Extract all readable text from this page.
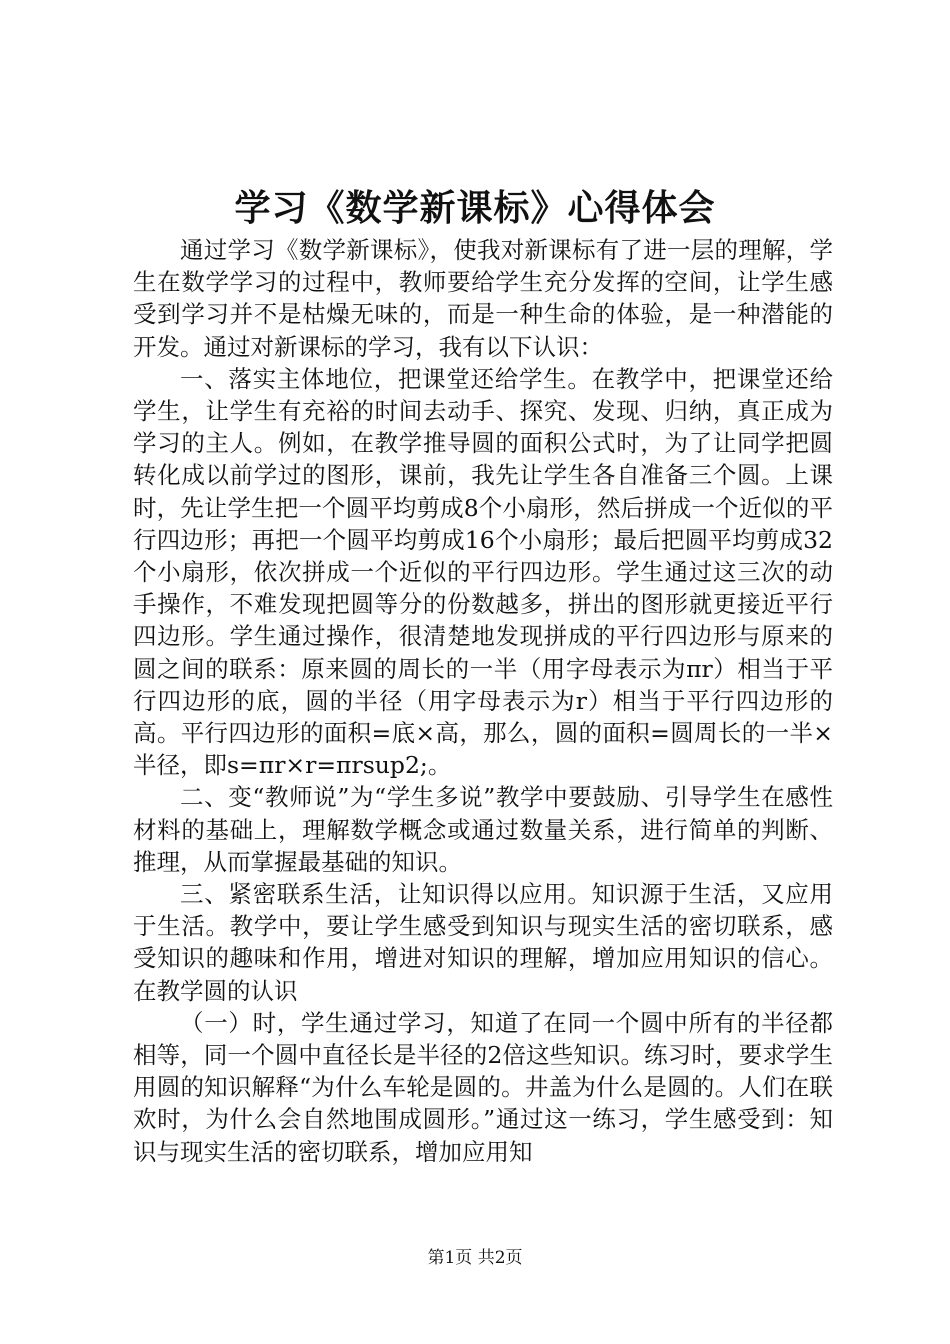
学习《数学新课标》心得体会

通过学习《数学新课标》，使我对新课标有了进一层的理解，学生在数学学习的过程中，教师要给学生充分发挥的空间，让学生感受到学习并不是枯燥无味的，而是一种生命的体验，是一种潜能的开发。通过对新课标的学习，我有以下认识：

一、落实主体地位，把课堂还给学生。在教学中，把课堂还给学生，让学生有充裕的时间去动手、探究、发现、归纳，真正成为学习的主人。例如，在教学推导圆的面积公式时，为了让同学把圆转化成以前学过的图形，课前，我先让学生各自准备三个圆。上课时，先让学生把一个圆平均剪成8个小扇形，然后拼成一个近似的平行四边形；再把一个圆平均剪成16个小扇形；最后把圆平均剪成32个小扇形，依次拼成一个近似的平行四边形。学生通过这三次的动手操作，不难发现把圆等分的份数越多，拼出的图形就更接近平行四边形。学生通过操作，很清楚地发现拼成的平行四边形与原来的圆之间的联系：原来圆的周长的一半（用字母表示为πr）相当于平行四边形的底，圆的半径（用字母表示为r）相当于平行四边形的高。平行四边形的面积=底×高，那么，圆的面积=圆周长的一半×半径，即s=πr×r=πrsup2;。

二、变“教师说”为“学生多说”教学中要鼓励、引导学生在感性材料的基础上，理解数学概念或通过数量关系，进行简单的判断、推理，从而掌握最基础的知识。

三、紧密联系生活，让知识得以应用。知识源于生活，又应用于生活。教学中，要让学生感受到知识与现实生活的密切联系，感受知识的趣味和作用，增进对知识的理解，增加应用知识的信心。在教学圆的认识

（一）时，学生通过学习，知道了在同一个圆中所有的半径都相等，同一个圆中直径长是半径的2倍这些知识。练习时，要求学生用圆的知识解释“为什么车轮是圆的。井盖为什么是圆的。人们在联欢时，为什么会自然地围成圆形。”通过这一练习，学生感受到：知识与现实生活的密切联系，增加应用知

第1页 共2页
